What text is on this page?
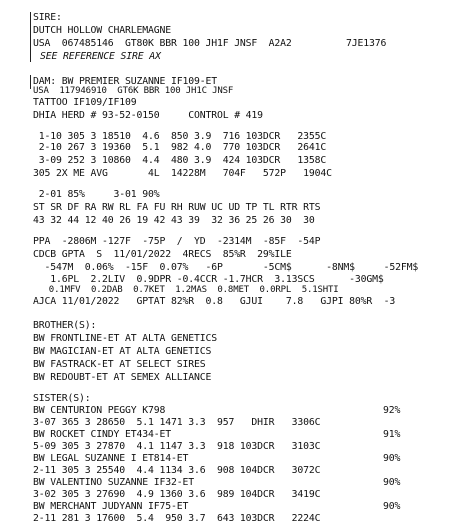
SIRE:
DUTCH HOLLOW CHARLEMAGNE
USA  067485146  GT80K BBR 100 JH1F JNSF  A2A2	7JE1376
SEE REFERENCE SIRE AX
DAM: BW PREMIER SUZANNE IF109-ET
USA  117946910  GT6K BBR 100 JH1C JNSF
TATTOO IF109/IF109
DHIA HERD # 93-52-0150     CONTROL # 419
1-10 305 3 18510  4.6  850 3.9  716 103DCR   2355C
2-10 267 3 19360  5.1  982 4.0  770 103DCR   2641C
3-09 252 3 10860  4.4  480 3.9  424 103DCR   1358C
305 2X ME AVG       4L  14228M   704F   572P   1904C
2-01 85%     3-01 90%
ST SR DF RA RW RL FA FU RH RUW UC UD TP TL RTR RTS
43 32 44 12 40 26 19 42 43 39  32 36 25 26 30  30
PPA  -2806M -127F  -75P  /  YD  -2314M  -85F  -54P
CDCB GPTA  S  11/01/2022  4RECS  85%R  29%ILE
-547M  0.06%  -15F  0.07%   -6P       -5CM$      -8NM$     -52FM$
1.6PL  2.2LIV  0.9DPR -0.4CCR -1.7HCR  3.13SCS      -30GM$
0.1MFV  0.2DAB  0.7KET  1.2MAS  0.8MET  0.0RPL  5.1SHTI
AJCA 11/01/2022   GPTAT 82%R  0.8   GJUI    7.8   GJPI 80%R  -3
BROTHER(S):
BW FRONTLINE-ET AT ALTA GENETICS
BW MAGICIAN-ET AT ALTA GENETICS
BW FASTRACK-ET AT SELECT SIRES
BW REDOUBT-ET AT SEMEX ALLIANCE
SISTER(S):
BW CENTURION PEGGY K798	92%
3-07 365 3 28650  5.1 1471 3.3  957   DHIR   3306C
BW ROCKET CINDY ET434-ET	91%
5-09 305 3 27870  4.1 1147 3.3  918 103DCR   3103C
BW LEGAL SUZANNE I ET814-ET	90%
2-11 305 3 25540  4.4 1134 3.6  908 104DCR   3072C
BW VALENTINO SUZANNE IF32-ET	90%
3-02 305 3 27690  4.9 1360 3.6  989 104DCR   3419C
BW MERCHANT JUDYANN IF75-ET	90%
2-11 281 3 17600  5.4  950 3.7  643 103DCR   2224C
